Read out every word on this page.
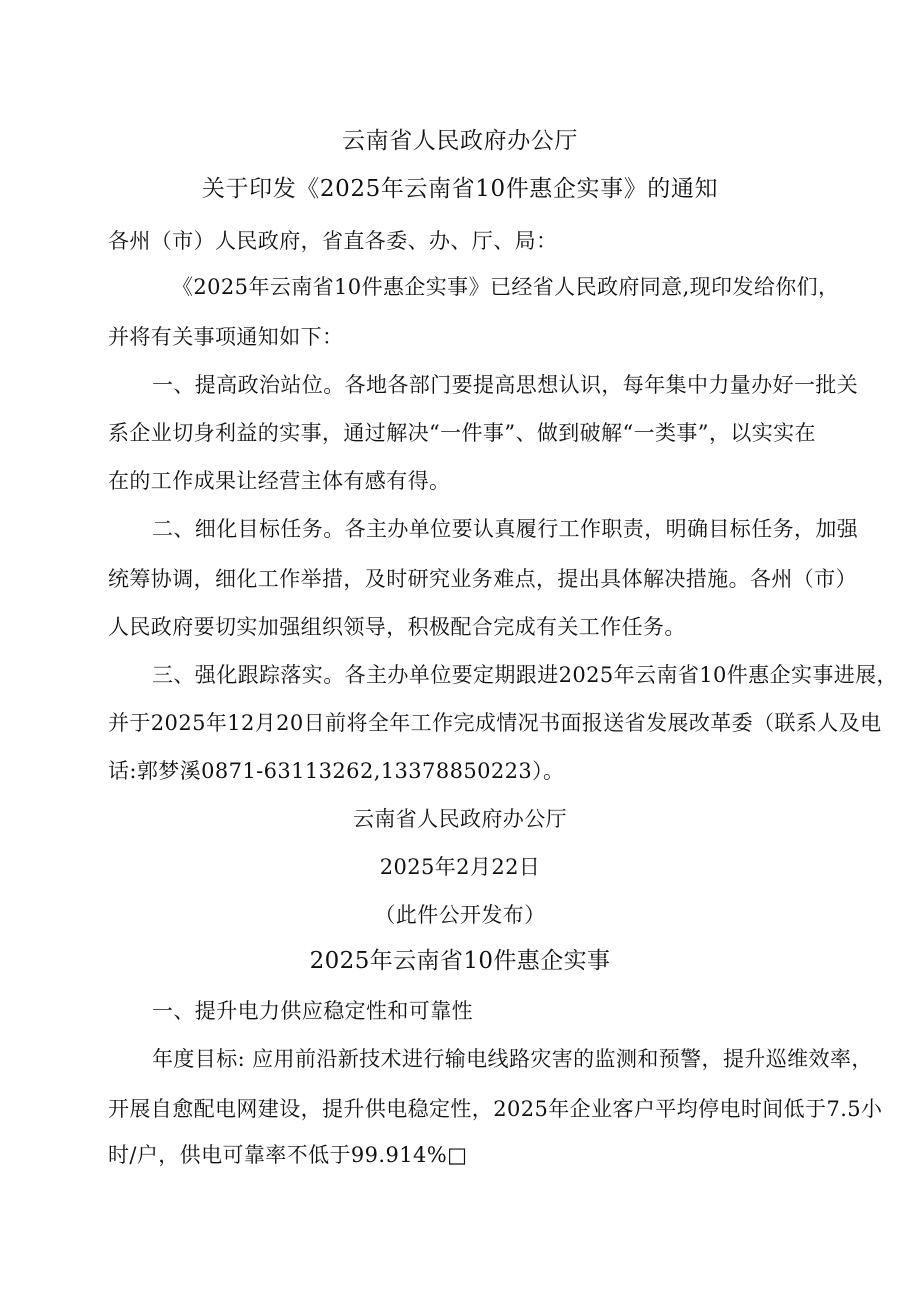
云南省人民政府办公厅
关于印发《2025年云南省10件惠企实事》的通知
各州（市）人民政府，省直各委、办、厅、局：
《2025年云南省10件惠企实事》已经省人民政府同意,现印发给你们，
并将有关事项通知如下：
一、提高政治站位。各地各部门要提高思想认识，每年集中力量办好一批关
系企业切身利益的实事，通过解决“一件事”、做到破解“一类事”，以实实在
在的工作成果让经营主体有感有得。
二、细化目标任务。各主办单位要认真履行工作职责，明确目标任务，加强
统筹协调，细化工作举措，及时研究业务难点，提出具体解决措施。各州（市）
人民政府要切实加强组织领导，积极配合完成有关工作任务。
三、强化跟踪落实。各主办单位要定期跟进2025年云南省10件惠企实事进展，
并于2025年12月20日前将全年工作完成情况书面报送省发展改革委（联系人及电
话:郭梦溪0871-63113262,13378850223）。
云南省人民政府办公厅
2025年2月22日
（此件公开发布）
2025年云南省10件惠企实事
一、提升电力供应稳定性和可靠性
年度目标: 应用前沿新技术进行输电线路灾害的监测和预警，提升巡维效率，
开展自愈配电网建设，提升供电稳定性，2025年企业客户平均停电时间低于7.5小
时/户，供电可靠率不低于99.914%□
